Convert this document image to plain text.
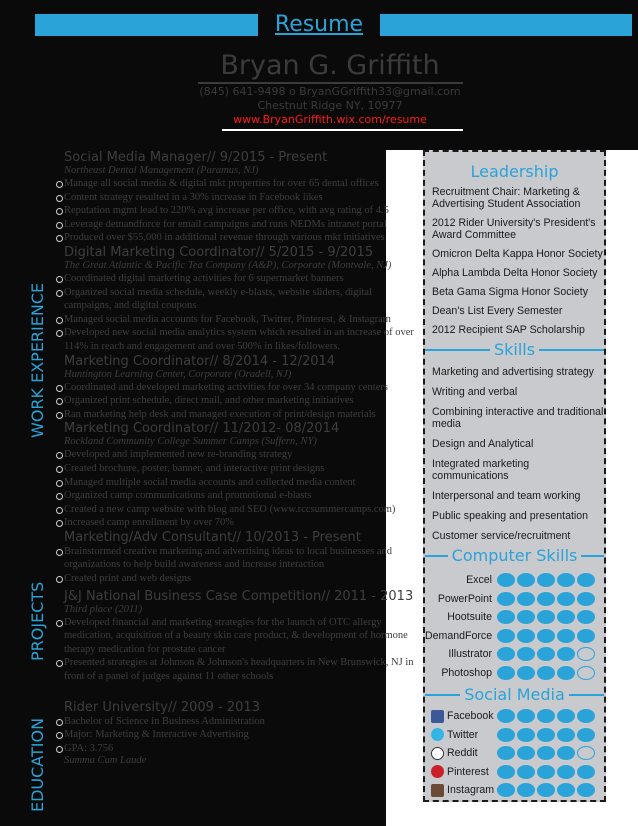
Resume
Bryan G. Griffith
(845) 641-9498 o BryanGGriffith33@gmail.com
Chestnut Ridge NY, 10977
www.BryanGriffith.wix.com/resume
WORK EXPERIENCE
PROJECTS
EDUCATION
Social Media Manager// 9/2015 - Present
Northeast Dental Management (Paramus, NJ)
Manage all social media & digital mkt properties for over 65 dental offices
Content strategy resulted in a 30% increase in Facebook likes
Reputation mgmt lead to 220% avg increase per office, with avg rating of 4.5
Leverage demandforce for email campaigns and runs NEDMs intranet portal
Produced over $55,000 in additional revenue through various mkt initiatives
Digital Marketing Coordinator// 5/2015 - 9/2015
The Great Atlantic & Pacific Tea Company (A&P), Corporate (Montvale, NJ)
Coordinated digital marketing activities for 6 supermarket banners
Organized social media schedule, weekly e-blasts, website sliders, digital campaigns, and digital coupons
Managed social media accounts for Facebook, Twitter, Pinterest, & Instagram
Developed new social media analytics system which resulted in an increase of over 114% in reach and engagement and over 500% in likes/followers.
Marketing Coordinator// 8/2014 - 12/2014
Huntington Learning Center, Corporate (Oradell, NJ)
Coordinated and developed marketing activities for over 34 company centers
Organized print schedule, direct mail, and other marketing initiatives
Ran marketing help desk and managed execution of print/design materials
Marketing Coordinator// 11/2012- 08/2014
Rockland Community College Summer Camps (Suffern, NY)
Developed and implemented new re-branding strategy
Created brochure, poster, banner, and interactive print designs
Managed multiple social media accounts and collected media content
Organized camp communications and promotional e-blasts
Created a new camp website with blog and SEO (www.rccsummercamps.com)
Increased camp enrollment by over 70%
Marketing/Adv Consultant// 10/2013 - Present
Brainstormed creative marketing and advertising ideas to local businesses and organizations to help build awareness and increase interaction
Created print and web designs
J&J National Business Case Competition// 2011 - 2013
Third place (2011)
Developed financial and marketing strategies for the launch of OTC allergy medication, acquisition of a beauty skin care product, & development of hormone therapy medication for prostate cancer
Presented strategies at Johnson & Johnson's headquarters in New Brunswick, NJ in front of a panel of judges against 11 other schools
Rider University// 2009 - 2013
Bachelor of Science in Business Administration
Major: Marketing & Interactive Advertising
GPA: 3.756
Summa Cum Laude
Leadership
Recruitment Chair: Marketing & Advertising Student Association
2012 Rider University's President's Award Committee
Omicron Delta Kappa Honor Society
Alpha Lambda Delta Honor Society
Beta Gama Sigma Honor Society
Dean's List Every Semester
2012 Recipient SAP Scholarship
Skills
Marketing and advertising strategy
Writing and verbal
Combining interactive and traditional media
Design and Analytical
Integrated marketing communications
Interpersonal and team working
Public speaking and presentation
Customer service/recruitment
Computer Skills
Excel
PowerPoint
Hootsuite
DemandForce
Illustrator
Photoshop
Social Media
Facebook
Twitter
Reddit
Pinterest
Instagram
